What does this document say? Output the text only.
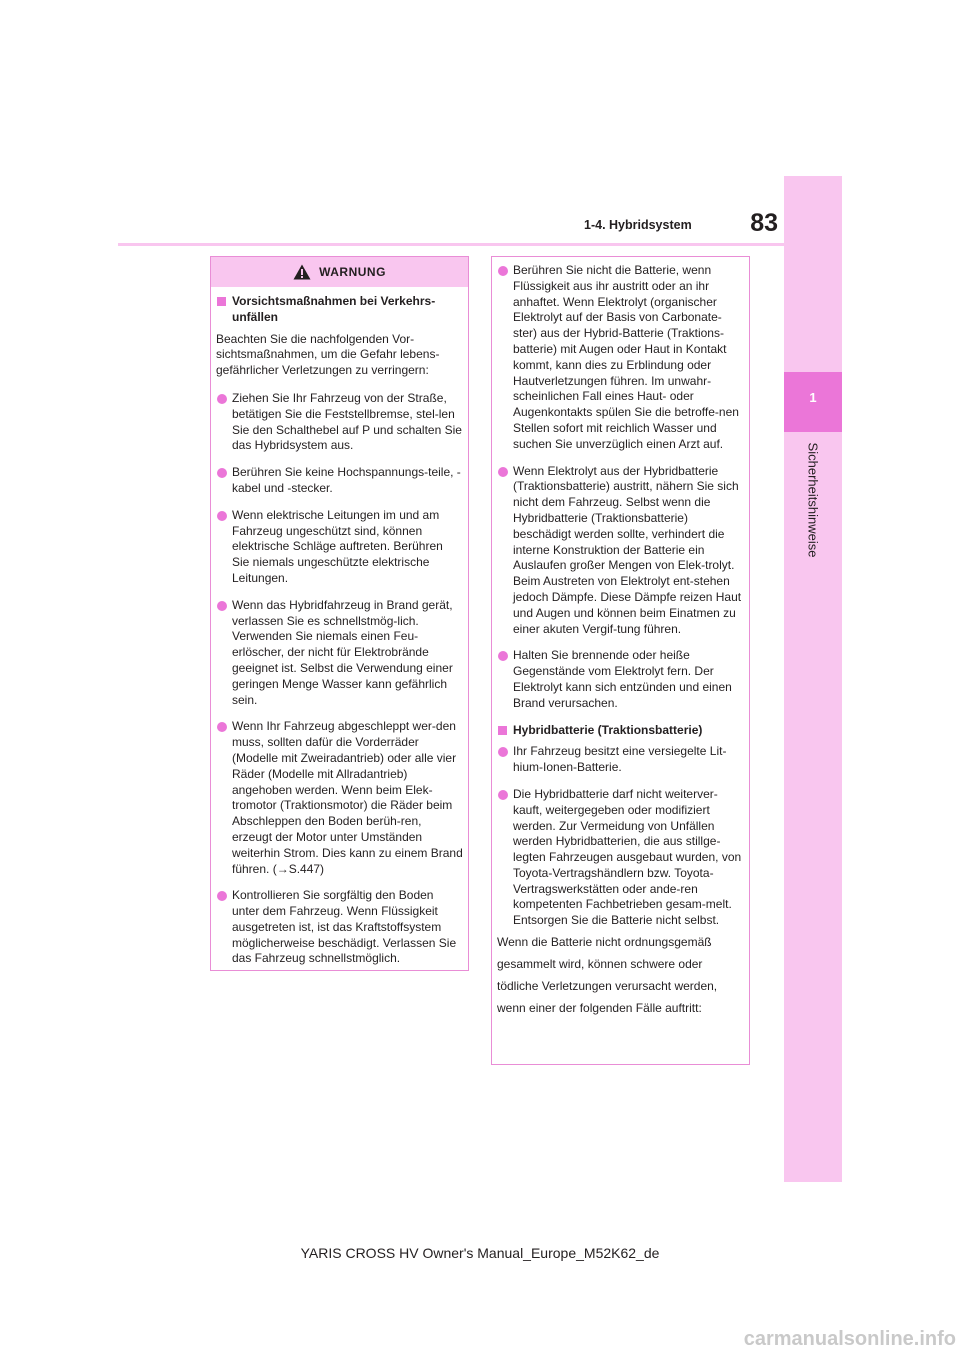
1
Sicherheitshinweise
83
1-4. Hybridsystem
WARNUNG
Vorsichtsmaßnahmen bei Verkehrs-unfällen
Beachten Sie die nachfolgenden Vor-sichtsmaßnahmen, um die Gefahr lebens-gefährlicher Verletzungen zu verringern:
Ziehen Sie Ihr Fahrzeug von der Straße, betätigen Sie die Feststellbremse, stel-len Sie den Schalthebel auf P und schalten Sie das Hybridsystem aus.
Berühren Sie keine Hochspannungs-teile, -kabel und -stecker.
Wenn elektrische Leitungen im und am Fahrzeug ungeschützt sind, können elektrische Schläge auftreten. Berühren Sie niemals ungeschützte elektrische Leitungen.
Wenn das Hybridfahrzeug in Brand gerät, verlassen Sie es schnellstmög-lich. Verwenden Sie niemals einen Feu-erlöscher, der nicht für Elektrobrände geeignet ist. Selbst die Verwendung einer geringen Menge Wasser kann gefährlich sein.
Wenn Ihr Fahrzeug abgeschleppt wer-den muss, sollten dafür die Vorderräder (Modelle mit Zweiradantrieb) oder alle vier Räder (Modelle mit Allradantrieb) angehoben werden. Wenn beim Elek-tromotor (Traktionsmotor) die Räder beim Abschleppen den Boden berüh-ren, erzeugt der Motor unter Umständen weiterhin Strom. Dies kann zu einem Brand führen. (→S.447)
Kontrollieren Sie sorgfältig den Boden unter dem Fahrzeug. Wenn Flüssigkeit ausgetreten ist, ist das Kraftstoffsystem möglicherweise beschädigt. Verlassen Sie das Fahrzeug schnellstmöglich.
Berühren Sie nicht die Batterie, wenn Flüssigkeit aus ihr austritt oder an ihr anhaftet. Wenn Elektrolyt (organischer Elektrolyt auf der Basis von Carbonate-ster) aus der Hybrid-Batterie (Traktions-batterie) mit Augen oder Haut in Kontakt kommt, kann dies zu Erblindung oder Hautverletzungen führen. Im unwahr-scheinlichen Fall eines Haut- oder Augenkontakts spülen Sie die betroffe-nen Stellen sofort mit reichlich Wasser und suchen Sie unverzüglich einen Arzt auf.
Wenn Elektrolyt aus der Hybridbatterie (Traktionsbatterie) austritt, nähern Sie sich nicht dem Fahrzeug. Selbst wenn die Hybridbatterie (Traktionsbatterie) beschädigt werden sollte, verhindert die interne Konstruktion der Batterie ein Auslaufen großer Mengen von Elek-trolyt. Beim Austreten von Elektrolyt ent-stehen jedoch Dämpfe. Diese Dämpfe reizen Haut und Augen und können beim Einatmen zu einer akuten Vergif-tung führen.
Halten Sie brennende oder heiße Gegenstände vom Elektrolyt fern. Der Elektrolyt kann sich entzünden und einen Brand verursachen.
Hybridbatterie (Traktionsbatterie)
Ihr Fahrzeug besitzt eine versiegelte Lit-hium-Ionen-Batterie.
Die Hybridbatterie darf nicht weiterver-kauft, weitergegeben oder modifiziert werden. Zur Vermeidung von Unfällen werden Hybridbatterien, die aus stillge-legten Fahrzeugen ausgebaut wurden, von Toyota-Vertragshändlern bzw. Toyota-Vertragswerkstätten oder ande-ren kompetenten Fachbetrieben gesam-melt. Entsorgen Sie die Batterie nicht selbst.
Wenn die Batterie nicht ordnungsgemäß
gesammelt wird, können schwere oder
tödliche Verletzungen verursacht werden,
wenn einer der folgenden Fälle auftritt:
YARIS CROSS HV Owner's Manual_Europe_M52K62_de
carmanualsonline.info
